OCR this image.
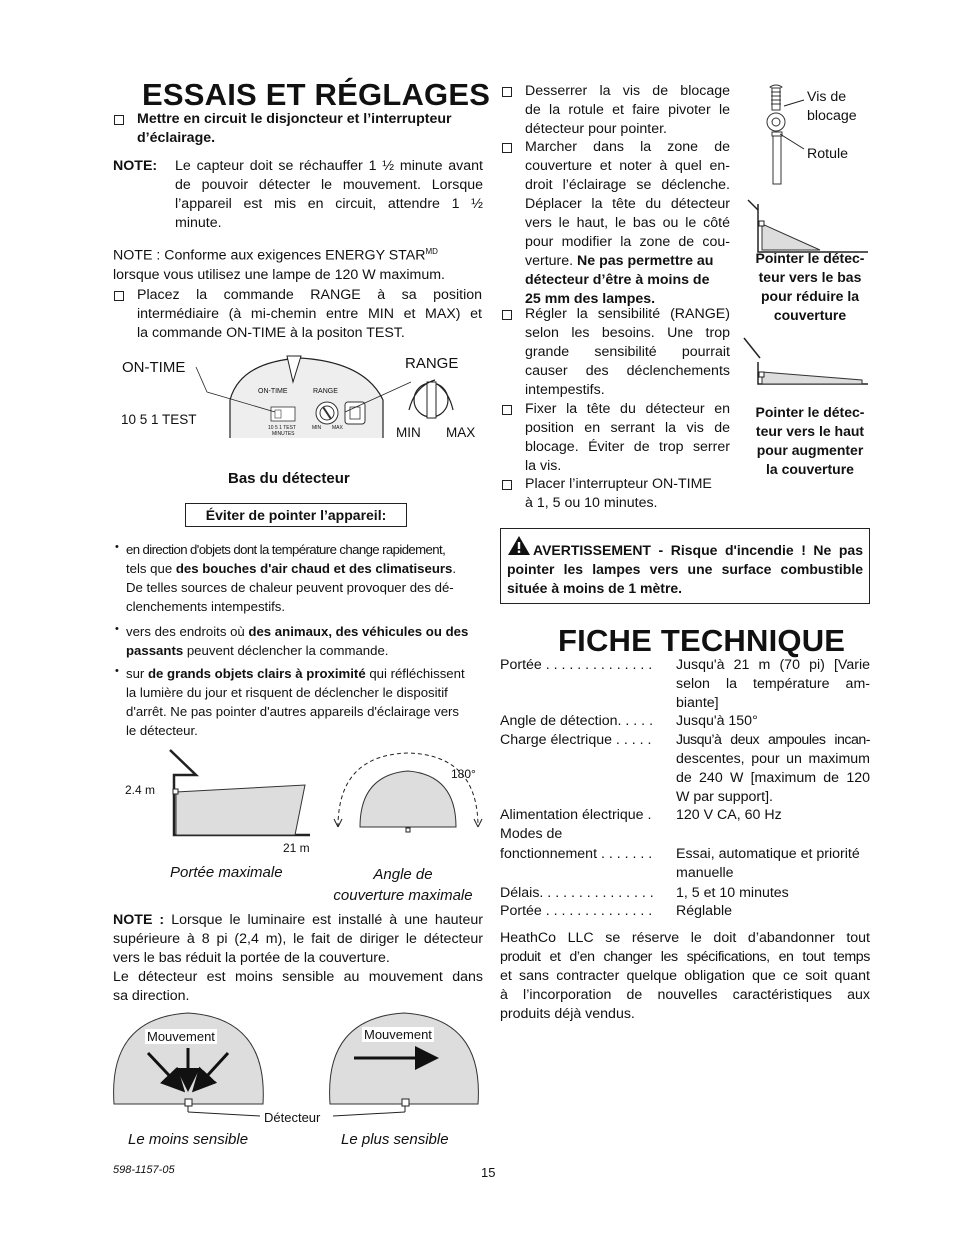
ESSAIS ET RÉGLAGES
Mettre en circuit le disjoncteur et l’interrupteur d’éclairage.
NOTE: Le capteur doit se réchauffer 1 ½ minute avant
de pouvoir détecter le mouvement. Lorsque
l’appareil est mis en circuit, attendre 1 ½
minute.
NOTE : Conforme aux exigences ENERGY $STAR^{MD}$
lorsque vous utilisez une lampe de 120 W maximum.
Placez la commande RANGE à sa position
intermédiaire (à mi-chemin entre MIN et MAX) et
la commande ON-TIME à la positon TEST.
ON-TIME
10 5 1 TEST
RANGE
MIN MAX
ON-TIME	RANGE
10 5 1 TEST
MINUTES
MIN MAX
Bas du détecteur
Éviter de pointer l’appareil:
• en direction d'objets dont la température change rapidement,
tels que des bouches d'air chaud et des climatiseurs.
De telles sources de chaleur peuvent provoquer des dé-
clenchements intempestifs.
• vers des endroits où des animaux, des véhicules ou des
passants peuvent déclencher la commande.
• sur de grands objets clairs à proximité qui réfléchissent
la lumière du jour et risquent de déclencher le dispositif
d'arrêt. Ne pas pointer d'autres appareils d'éclairage vers
le détecteur.
2.4 m
21 m
180°
Portée maximale	Angle de
couverture maximale
NOTE : Lorsque le luminaire est installé à une hauteur
supérieure à 8 pi (2,4 m), le fait de diriger le détecteur
vers le bas réduit la portée de la couverture.
Le détecteur est moins sensible au mouvement dans
sa direction.
Mouvement	Mouvement
Détecteur
Le moins sensible	Le plus sensible
Desserrer la vis de blocage
de la rotule et faire pivoter le
détecteur pour pointer.
Marcher dans la zone de
couverture et noter à quel en-
droit l’éclairage se déclenche.
Déplacer la tête du détecteur
vers le haut, le bas ou le côté
pour modifier la zone de cou-
verture. Ne pas permettre au
détecteur d’être à moins de
25 mm des lampes.
Régler la sensibilité (RANGE)
selon les besoins. Une trop
grande sensibilité pourrait
causer des déclenchements
intempestifs.
Fixer la tête du détecteur en
position en serrant la vis de
blocage. Éviter de trop serrer
la vis.
Placer l’interrupteur ON-TIME
à 1, 5 ou 10 minutes.
Vis de
blocage
Rotule
Pointer le détec-
teur vers le bas
pour réduire la
couverture
Pointer le détec-
teur vers le haut
pour augmenter
la couverture
AVERTISSEMENT - Risque d'incendie ! Ne pas
pointer les lampes vers une surface combustible
située à moins de 1 mètre.
FICHE TECHNIQUE
Portée . . . . . . . . . . . . . .	Jusqu'à 21 m (70 pi) [Varie
selon la température am-
biante]
Angle de détection. . . . .	Jusqu'à 150°
Charge électrique . . . . .	Jusqu’à deux ampoules incan-
descentes, pour un maximum
de 240 W [maximum de 120
W par support].
Alimentation électrique .	120 V CA, 60 Hz
Modes de
fonctionnement . . . . . . .	Essai, automatique et priorité
manuelle
Délais. . . . . . . . . . . . . . .	1, 5 et 10 minutes
Portée . . . . . . . . . . . . . .	Réglable
HeathCo LLC se réserve le doit d’abandonner tout
produit et d’en changer les spécifications, en tout temps
et sans contracter quelque obligation que ce soit quant
à l’incorporation de nouvelles caractéristiques aux
produits déjà vendus.
598-1157-05	15
